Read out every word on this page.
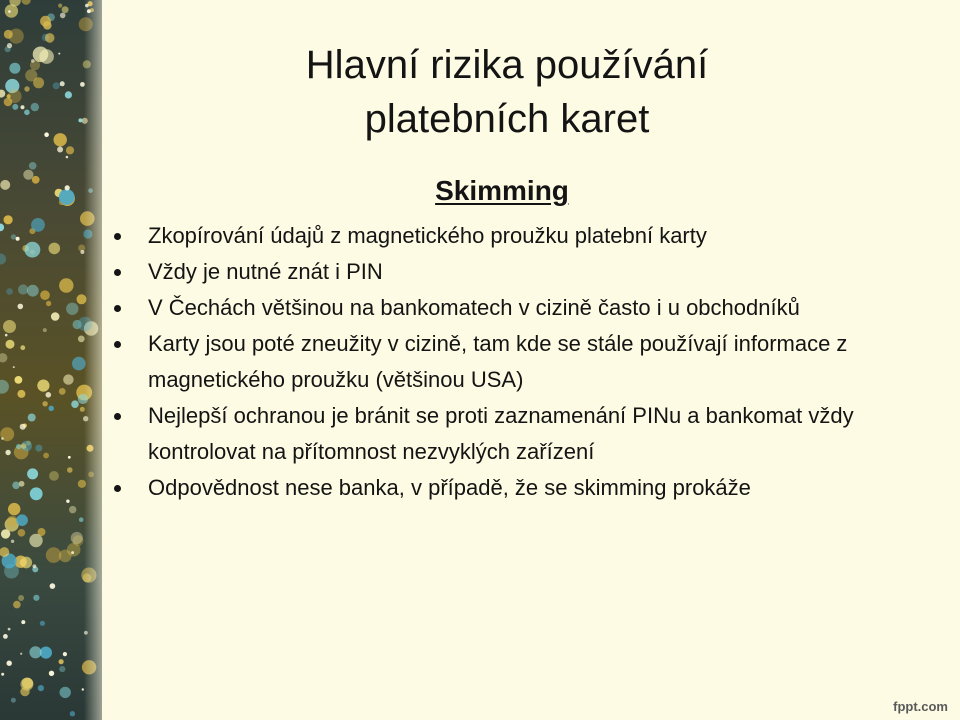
Hlavní rizika používání
platebních karet
Skimming
Zkopírování údajů z magnetického proužku platební karty
Vždy je nutné znát i PIN
V Čechách většinou na bankomatech v cizině často i u obchodníků
Karty jsou poté zneužity v cizině, tam kde se stále používají informace z magnetického proužku (většinou USA)
Nejlepší ochranou je bránit se proti zaznamenání PINu a bankomat vždy kontrolovat na přítomnost nezvyklých zařízení
Odpovědnost nese banka, v případě, že se skimming prokáže
fppt.com
